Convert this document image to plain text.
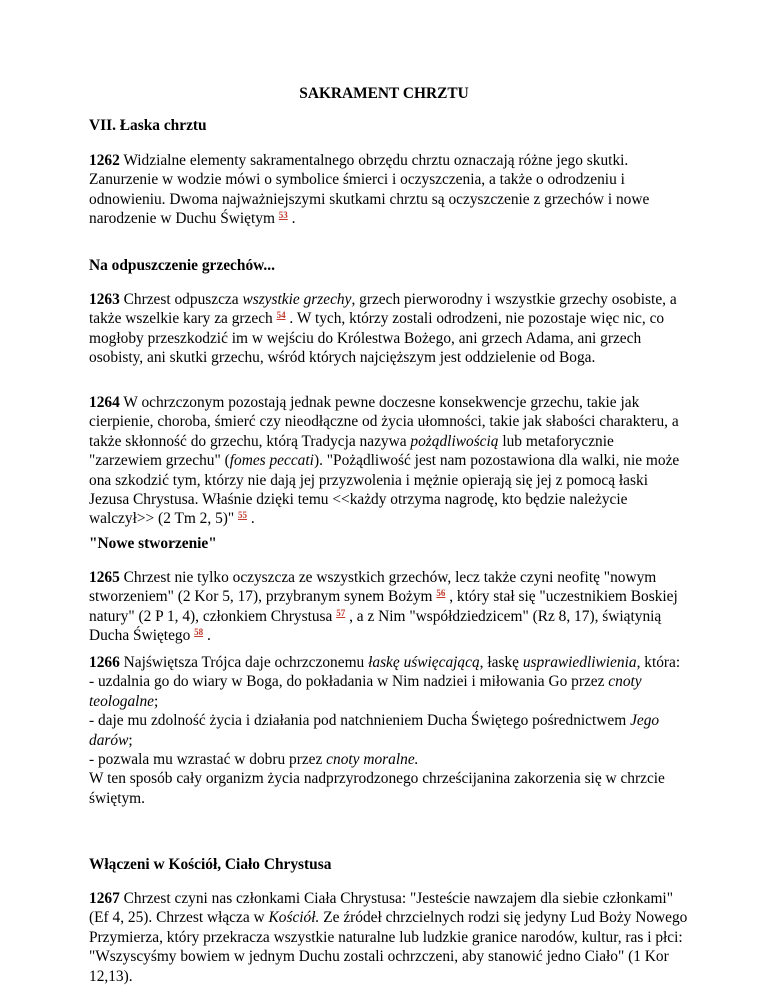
SAKRAMENT CHRZTU
VII. Łaska chrztu

1262 Widzialne elementy sakramentalnego obrzędu chrztu oznaczają różne jego skutki. Zanurzenie w wodzie mówi o symbolice śmierci i oczyszczenia, a także o odrodzeniu i odnowieniu. Dwoma najważniejszymi skutkami chrztu są oczyszczenie z grzechów i nowe narodzenie w Duchu Świętym $^{53}$ .

Na odpuszczenie grzechów...

1263 Chrzest odpuszcza wszystkie grzechy, grzech pierworodny i wszystkie grzechy osobiste, a także wszelkie kary za grzech $^{54}$ . W tych, którzy zostali odrodzeni, nie pozostaje więc nic, co mogłoby przeszkodzić im w wejściu do Królestwa Bożego, ani grzech Adama, ani grzech osobisty, ani skutki grzechu, wśród których najcięższym jest oddzielenie od Boga.

1264 W ochrzczonym pozostają jednak pewne doczesne konsekwencje grzechu, takie jak cierpienie, choroba, śmierć czy nieodłączne od życia ułomności, takie jak słabości charakteru, a także skłonność do grzechu, którą Tradycja nazywa pożądliwością lub metaforycznie "zarzewiem grzechu" (fomes peccati). "Pożądliwość jest nam pozostawiona dla walki, nie może ona szkodzić tym, którzy nie dają jej przyzwolenia i mężnie opierają się jej z pomocą łaski Jezusa Chrystusa. Właśnie dzięki temu <<każdy otrzyma nagrodę, kto będzie należycie walczył>> (2 Tm 2, 5)" $^{55}$ .

"Nowe stworzenie"

1265 Chrzest nie tylko oczyszcza ze wszystkich grzechów, lecz także czyni neofitę "nowym stworzeniem" (2 Kor 5, 17), przybranym synem Bożym $^{56}$ , który stał się "uczestnikiem Boskiej natury" (2 P 1, 4), członkiem Chrystusa $^{57}$ , a z Nim "współdziedzicem" (Rz 8, 17), świątynią Ducha Świętego $^{58}$ .

1266 Najświętsza Trójca daje ochrzczonemu łaskę uświęcającą, łaskę usprawiedliwienia, która:

- uzdalnia go do wiary w Boga, do pokładania w Nim nadziei i miłowania Go przez cnoty teologalne;

- daje mu zdolność życia i działania pod natchnieniem Ducha Świętego pośrednictwem Jego darów;

- pozwala mu wzrastać w dobru przez cnoty moralne.

W ten sposób cały organizm życia nadprzyrodzonego chrześcijanina zakorzenia się w chrzcie świętym.

Włączeni w Kościół, Ciało Chrystusa

1267 Chrzest czyni nas członkami Ciała Chrystusa: "Jesteście nawzajem dla siebie członkami" (Ef 4, 25). Chrzest włącza w Kościół. Ze źródeł chrzcielnych rodzi się jedyny Lud Boży Nowego Przymierza, który przekracza wszystkie naturalne lub ludzkie granice narodów, kultur, ras i płci: "Wszyscyśmy bowiem w jednym Duchu zostali ochrzczeni, aby stanowić jedno Ciało" (1 Kor 12,13).
